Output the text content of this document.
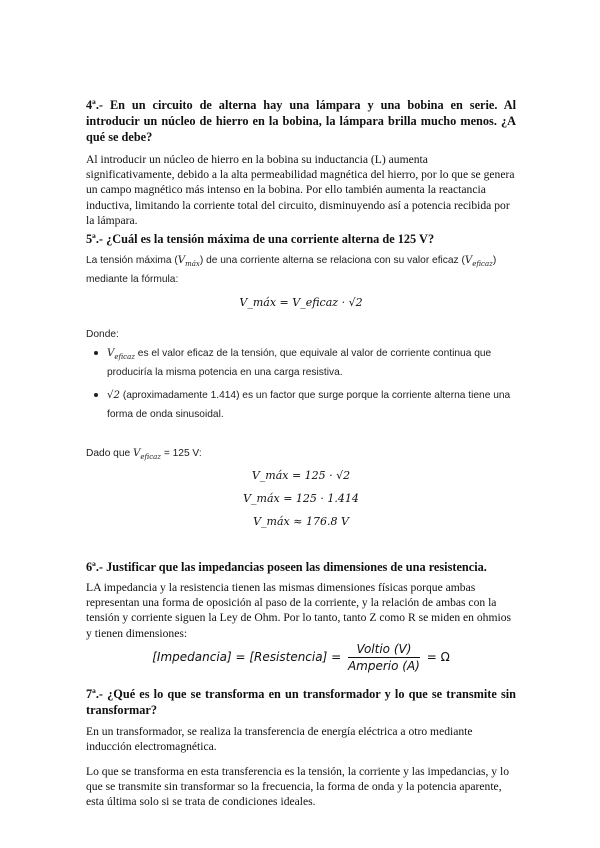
4ª.- En un circuito de alterna hay una lámpara y una bobina en serie. Al introducir un núcleo de hierro en la bobina, la lámpara brilla mucho menos. ¿A qué se debe?
Al introducir un núcleo de hierro en la bobina su inductancia (L) aumenta significativamente, debido a la alta permeabilidad magnética del hierro, por lo que se genera un campo magnético más intenso en la bobina. Por ello también aumenta la reactancia inductiva, limitando la corriente total del circuito, disminuyendo así a potencia recibida por la lámpara.
5ª.- ¿Cuál es la tensión máxima de una corriente alterna de 125 V?
La tensión máxima $(V_{máx})$ de una corriente alterna se relaciona con su valor eficaz $(V_{eficaz})$
mediante la fórmula:
V_máx = V_eficaz · √2
Donde:
$V_{eficaz}$ es el valor eficaz de la tensión, que equivale al valor de corriente continua que
produciría la misma potencia en una carga resistiva.
√2 (aproximadamente 1.414) es un factor que surge porque la corriente alterna tiene una
forma de onda sinusoidal.
Dado que $V_{eficaz} = 125$ V:
V_máx = 125 · √2
V_máx = 125 · 1.414
V_máx ≈ 176.8 V
6ª.- Justificar que las impedancias poseen las dimensiones de una resistencia.
LA impedancia y la resistencia tienen las mismas dimensiones físicas porque ambas representan una forma de oposición al paso de la corriente, y la relación de ambas con la tensión y corriente siguen la Ley de Ohm. Por lo tanto, tanto Z como R se miden en ohmios y tienen dimensiones:
[Impedancia] = [Resistencia] = $\frac{\text{Voltio (V)}}{\text{Amperio (A)}} = \Omega$
7ª.- ¿Qué es lo que se transforma en un transformador y lo que se transmite sin transformar?
En un transformador, se realiza la transferencia de energía eléctrica a otro mediante inducción electromagnética.
Lo que se transforma en esta transferencia es la tensión, la corriente y las impedancias, y lo que se transmite sin transformar so la frecuencia, la forma de onda y la potencia aparente, esta última solo si se trata de condiciones ideales.
